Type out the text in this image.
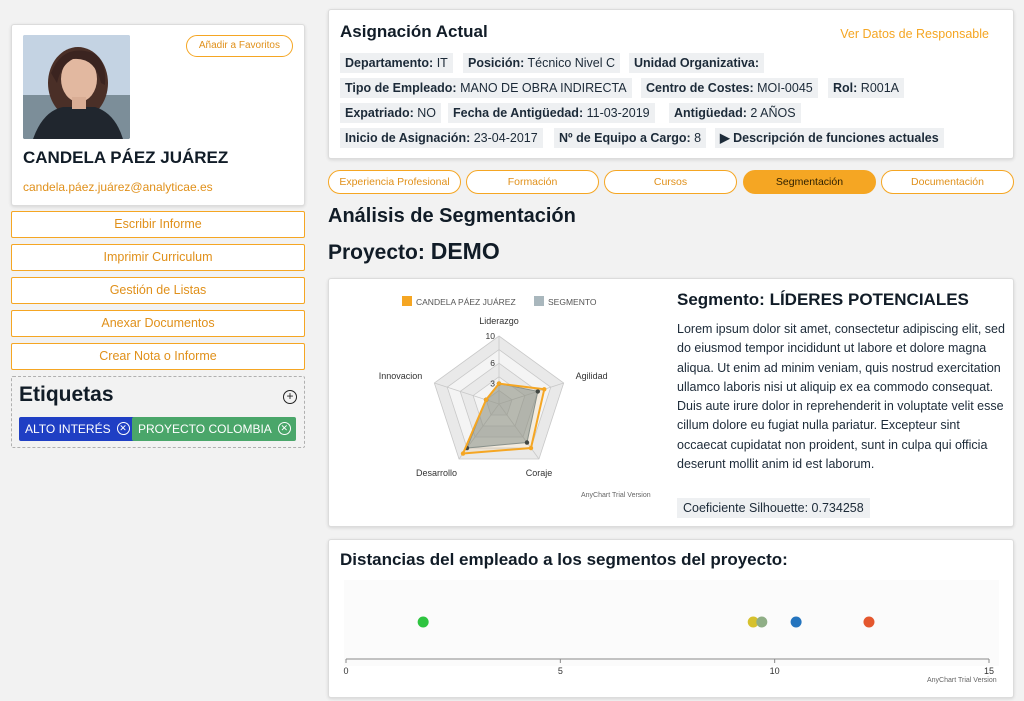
Añadir a Favoritos
CANDELA PÁEZ JUÁREZ
candela.páez.juárez@analyticae.es
Escribir Informe
Imprimir Curriculum
Gestión de Listas
Anexar Documentos
Crear Nota o Informe
Etiquetas	+
ALTO INTERÉS ✕ PROYECTO COLOMBIA ✕
Asignación Actual	Ver Datos de Responsable
Departamento: IT	Posición: Técnico Nivel C	Unidad Organizativa:
Tipo de Empleado: MANO DE OBRA INDIRECTA	Centro de Costes: MOI-0045	Rol: R001A
Expatriado: NO	Fecha de Antigüedad: 11-03-2019	Antigüedad: 2 AÑOS
Inicio de Asignación: 23-04-2017	Nº de Equipo a Cargo: 8	▶ Descripción de funciones actuales
Experiencia Profesional	Formación	Cursos	Segmentación	Documentación
Análisis de Segmentación
Proyecto: DEMO
CANDELA PÁEZ JUÁREZ	SEGMENTO
3
6
10
Liderazgo
Agilidad
Coraje
Desarrollo
Innovacion
AnyChart Trial Version
Segmento: LÍDERES POTENCIALES
Lorem ipsum dolor sit amet, consectetur adipiscing elit, sed do eiusmod tempor incididunt ut labore et dolore magna aliqua. Ut enim ad minim veniam, quis nostrud exercitation ullamco laboris nisi ut aliquip ex ea commodo consequat. Duis aute irure dolor in reprehenderit in voluptate velit esse cillum dolore eu fugiat nulla pariatur. Excepteur sint occaecat cupidatat non proident, sunt in culpa qui officia deserunt mollit anim id est laborum.
Coeficiente Silhouette: 0.734258
0	5	10	15
AnyChart Trial Version
Distancias del empleado a los segmentos del proyecto:
